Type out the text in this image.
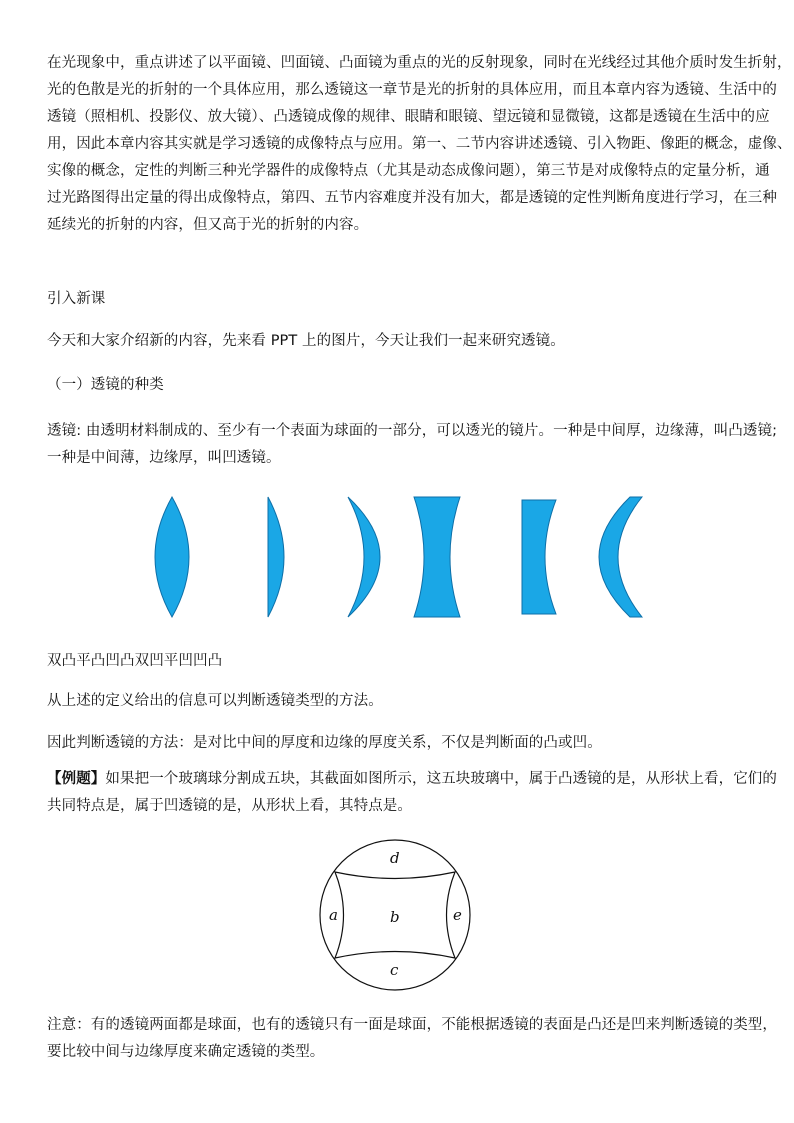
在光现象中，重点讲述了以平面镜、凹面镜、凸面镜为重点的光的反射现象，同时在光线经过其他介质时发生折射，
光的色散是光的折射的一个具体应用，那么透镜这一章节是光的折射的具体应用，而且本章内容为透镜、生活中的
透镜（照相机、投影仪、放大镜）、凸透镜成像的规律、眼睛和眼镜、望远镜和显微镜，这都是透镜在生活中的应
用，因此本章内容其实就是学习透镜的成像特点与应用。第一、二节内容讲述透镜、引入物距、像距的概念，虚像、
实像的概念，定性的判断三种光学器件的成像特点（尤其是动态成像问题），第三节是对成像特点的定量分析，通
过光路图得出定量的得出成像特点，第四、五节内容难度并没有加大，都是透镜的定性判断角度进行学习，在三种
延续光的折射的内容，但又高于光的折射的内容。

引入新课

今天和大家介绍新的内容，先来看 PPT 上的图片，今天让我们一起来研究透镜。

（一）透镜的种类

透镜: 由透明材料制成的、至少有一个表面为球面的一部分，可以透光的镜片。一种是中间厚，边缘薄，叫凸透镜;
一种是中间薄，边缘厚，叫凹透镜。

双凸平凸凹凸双凹平凹凹凸

从上述的定义给出的信息可以判断透镜类型的方法。

因此判断透镜的方法：是对比中间的厚度和边缘的厚度关系，不仅是判断面的凸或凹。

【例题】如果把一个玻璃球分割成五块，其截面如图所示，这五块玻璃中，属于凸透镜的是，从形状上看，它们的
共同特点是，属于凹透镜的是，从形状上看，其特点是。

d
a	b	e
c

注意：有的透镜两面都是球面，也有的透镜只有一面是球面，不能根据透镜的表面是凸还是凹来判断透镜的类型，
要比较中间与边缘厚度来确定透镜的类型。
